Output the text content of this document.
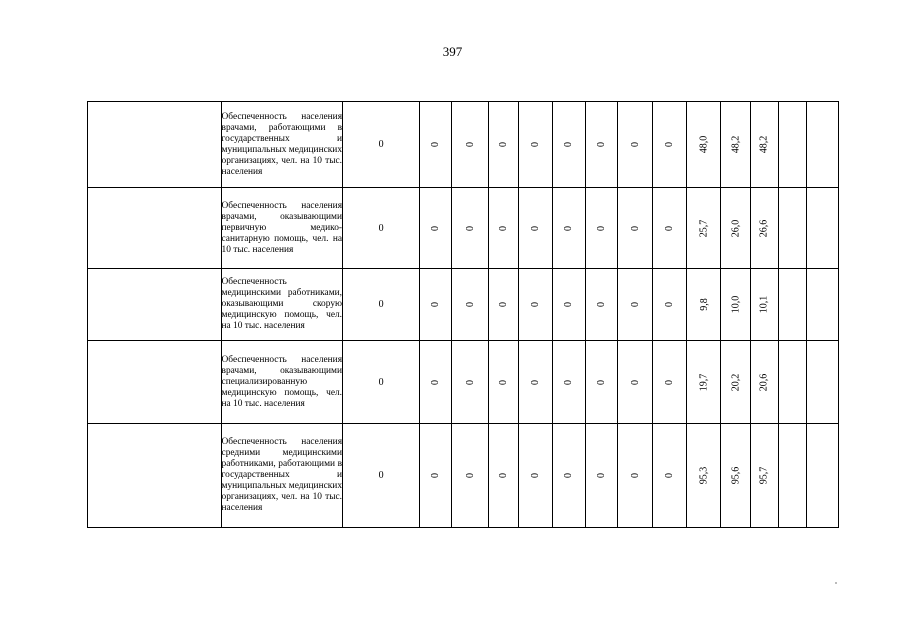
397
	Обеспеченность населения врачами, работающими в государственных и муниципальных медицинских организациях, чел. на 10 тыс. населения	0	0	0	0	0	0	0	0	0	48,0	48,2	48,2		
	Обеспеченность населения врачами, оказывающими первичную медико-санитарную помощь, чел. на 10 тыс. населения	0	0	0	0	0	0	0	0	0	25,7	26,0	26,6		
	Обеспеченность медицинскими работниками, оказывающими скорую медицинскую помощь, чел. на 10 тыс. населения	0	0	0	0	0	0	0	0	0	9,8	10,0	10,1		
	Обеспеченность населения врачами, оказывающими специализированную медицинскую помощь, чел. на 10 тыс. населения	0	0	0	0	0	0	0	0	0	19,7	20,2	20,6		
	Обеспеченность населения средними медицинскими работниками, работающими в государственных и муниципальных медицинских организациях, чел. на 10 тыс. населения	0	0	0	0	0	0	0	0	0	95,3	95,6	95,7		
